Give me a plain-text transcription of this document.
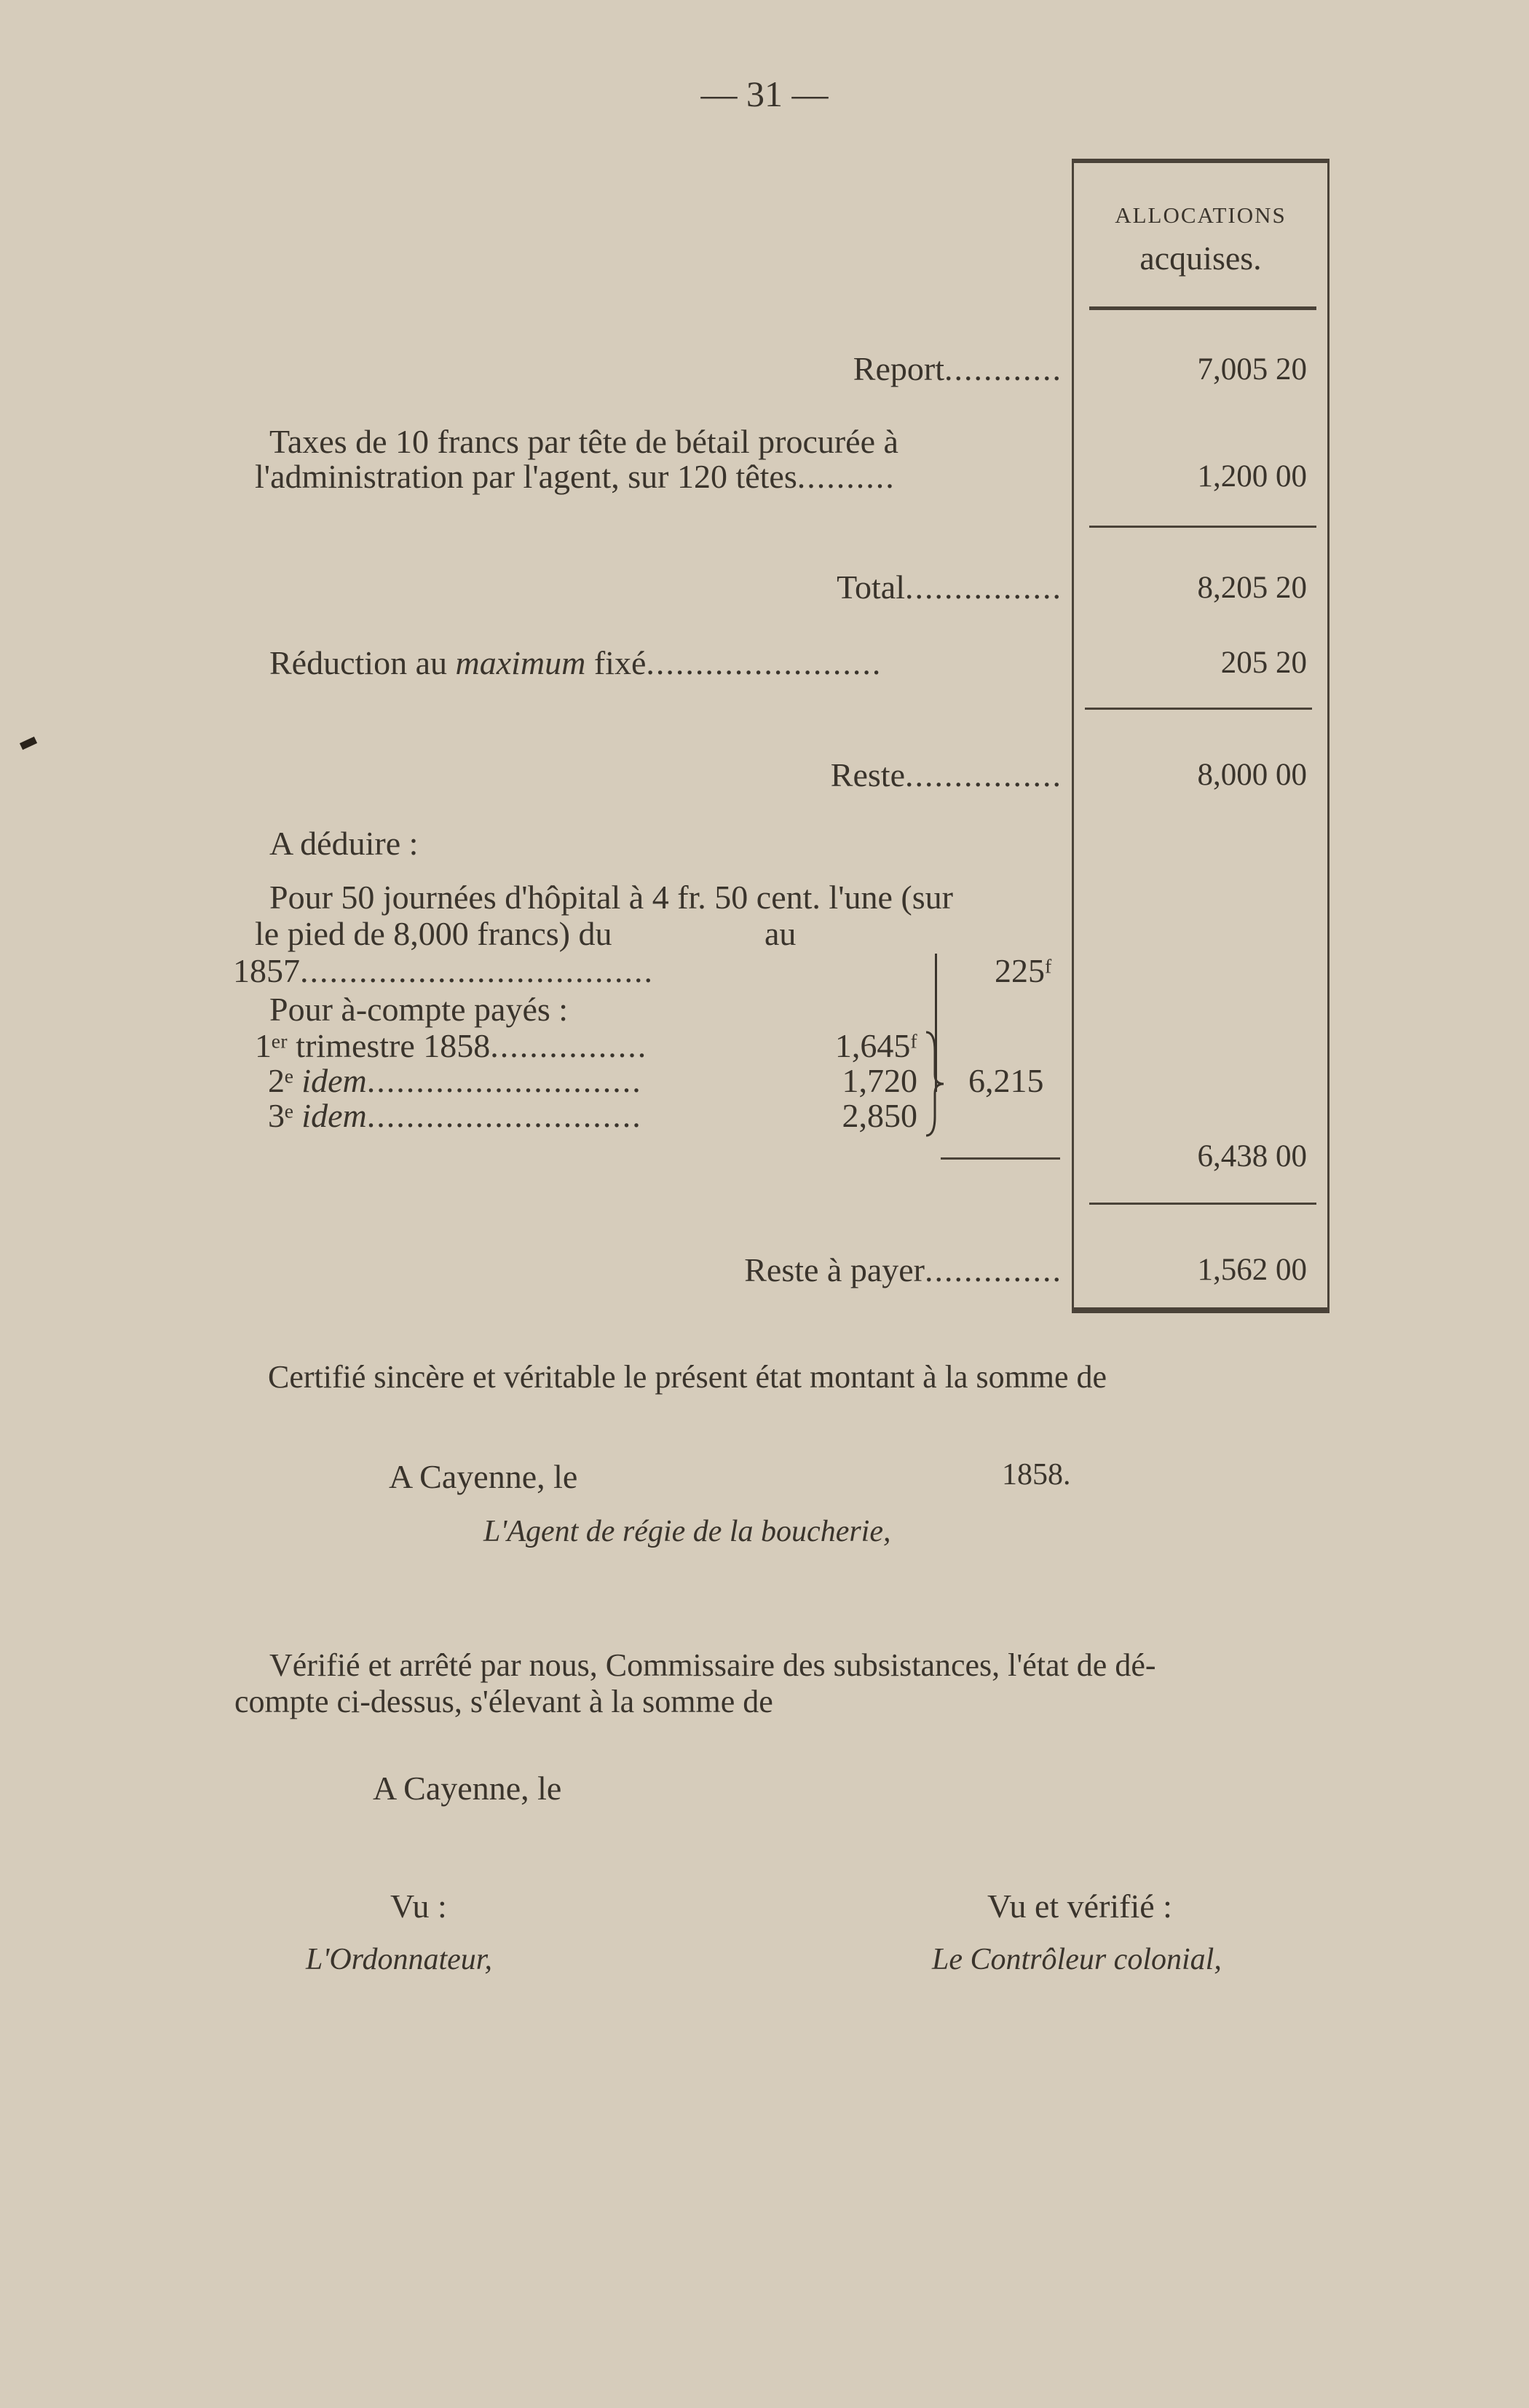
— 31 —
ALLOCATIONS
acquises.
Report............	7,005 20
Taxes de 10 francs par tête de bétail procurée à
l'administration par l'agent, sur 120 têtes..........	1,200 00
Total................	8,205 20
Réduction au maximum fixé........................	205 20
Reste................	8,000 00
A déduire :
Pour 50 journées d'hôpital à 4 fr. 50 cent. l'une (sur
le pied de 8,000 francs) du	au
1857....................................	225ᶠ
Pour à-compte payés :
1ᵉʳ trimestre 1858................	1,645ᶠ
2ᵉ idem............................	1,720
3ᵉ idem............................	2,850
6,215
6,438 00
Reste à payer..............	1,562 00
Certifié sincère et véritable le présent état montant à la somme de
A Cayenne, le	1858.
L'Agent de régie de la boucherie,
Vérifié et arrêté par nous, Commissaire des subsistances, l'état de dé-
compte ci-dessus, s'élevant à la somme de
A Cayenne, le
Vu :
L'Ordonnateur,
Vu et vérifié :
Le Contrôleur colonial,
